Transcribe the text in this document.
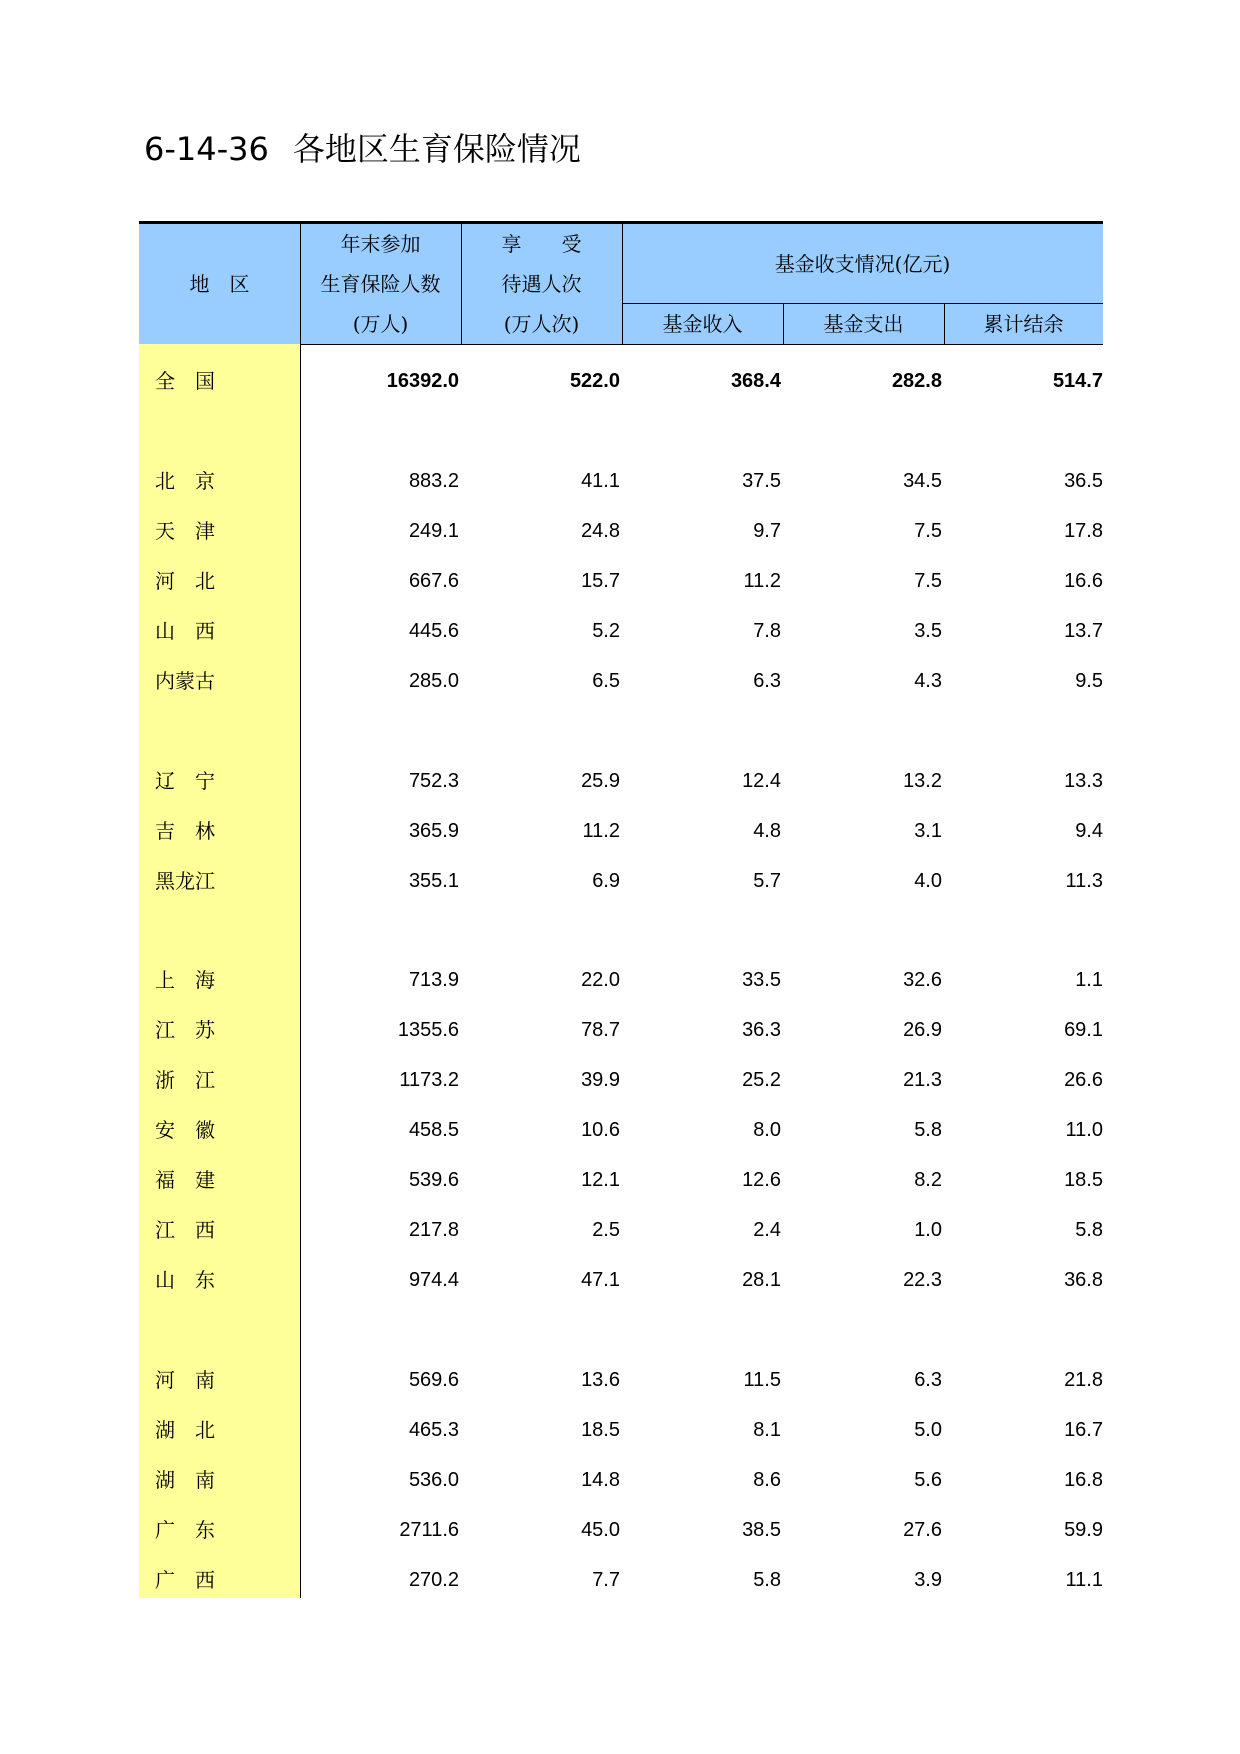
6-14-36 各地区生育保险情况
地　区
年末参加
生育保险人数
(万人)
享　　受
待遇人次
(万人次)
基金收支情况(亿元)
基金收入	基金支出	累计结余
全　国	16392.0	522.0	368.4	282.8	514.7
北　京	883.2	41.1	37.5	34.5	36.5
天　津	249.1	24.8	9.7	7.5	17.8
河　北	667.6	15.7	11.2	7.5	16.6
山　西	445.6	5.2	7.8	3.5	13.7
内蒙古	285.0	6.5	6.3	4.3	9.5
辽　宁	752.3	25.9	12.4	13.2	13.3
吉　林	365.9	11.2	4.8	3.1	9.4
黑龙江	355.1	6.9	5.7	4.0	11.3
上　海	713.9	22.0	33.5	32.6	1.1
江　苏	1355.6	78.7	36.3	26.9	69.1
浙　江	1173.2	39.9	25.2	21.3	26.6
安　徽	458.5	10.6	8.0	5.8	11.0
福　建	539.6	12.1	12.6	8.2	18.5
江　西	217.8	2.5	2.4	1.0	5.8
山　东	974.4	47.1	28.1	22.3	36.8
河　南	569.6	13.6	11.5	6.3	21.8
湖　北	465.3	18.5	8.1	5.0	16.7
湖　南	536.0	14.8	8.6	5.6	16.8
广　东	2711.6	45.0	38.5	27.6	59.9
广　西	270.2	7.7	5.8	3.9	11.1
